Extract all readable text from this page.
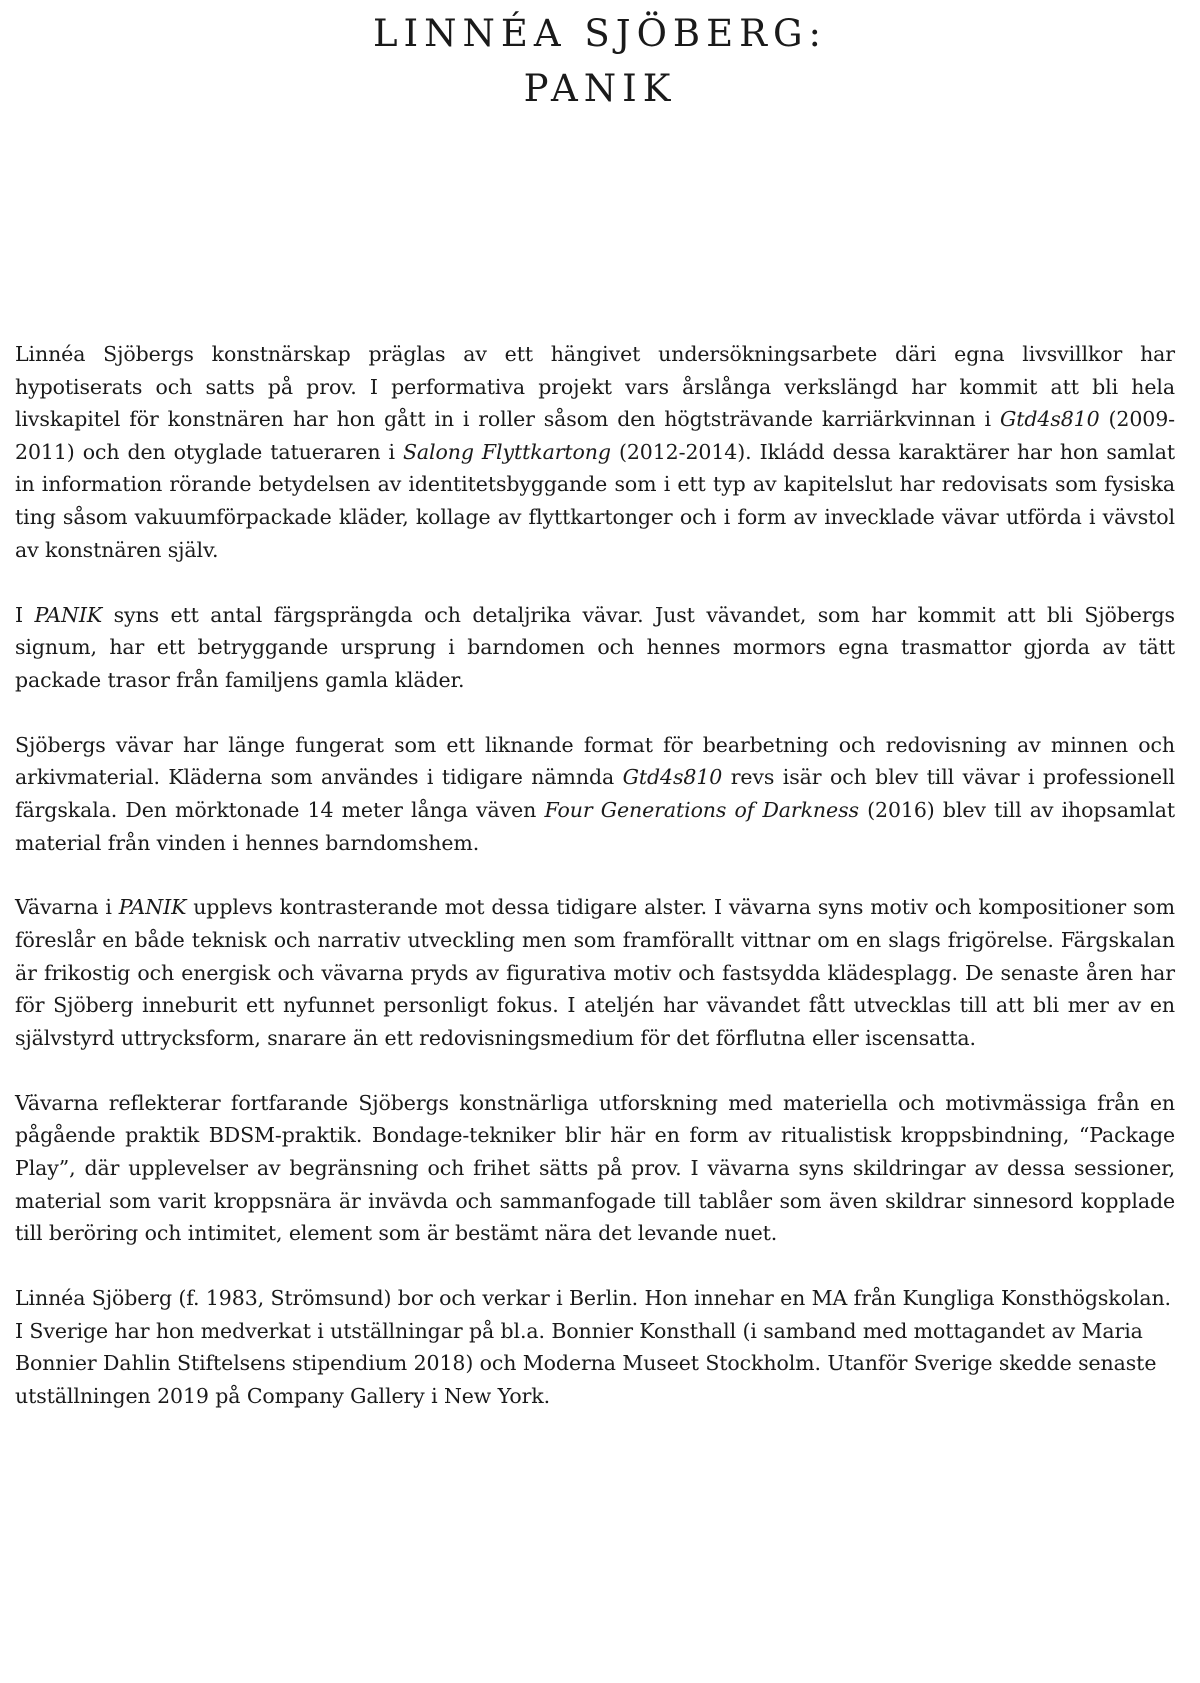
LINNÉA SJÖBERG:
PANIK

Linnéa Sjöbergs konstnärskap präglas av ett hängivet undersökningsarbete däri egna livsvillkor har hypotiserats och satts på prov. I performativa projekt vars årslånga verkslängd har kommit att bli hela livskapitel för konstnären har hon gått in i roller såsom den högtsträvande karriärkvinnan i Gtd4s810 (2009-2011) och den otyglade tatueraren i Salong Flyttkartong (2012-2014). Ikládd dessa karaktärer har hon samlat in information rörande betydelsen av identitetsbyggande som i ett typ av kapitelslut har redovisats som fysiska ting såsom vakuumförpackade kläder, kollage av flyttkartonger och i form av invecklade vävar utförda i vävstol av konstnären själv.

I PANIK syns ett antal färgsprängda och detaljrika vävar. Just vävandet, som har kommit att bli Sjöbergs signum, har ett betryggande ursprung i barndomen och hennes mormors egna trasmattor gjorda av tätt packade trasor från familjens gamla kläder.

Sjöbergs vävar har länge fungerat som ett liknande format för bearbetning och redovisning av minnen och arkivmaterial. Kläderna som användes i tidigare nämnda Gtd4s810 revs isär och blev till vävar i professionell färgskala. Den mörktonade 14 meter långa väven Four Generations of Darkness (2016) blev till av ihopsamlat material från vinden i hennes barndomshem.

Vävarna i PANIK upplevs kontrasterande mot dessa tidigare alster. I vävarna syns motiv och kompositioner som föreslår en både teknisk och narrativ utveckling men som framförallt vittnar om en slags frigörelse. Färgskalan är frikostig och energisk och vävarna pryds av figurativa motiv och fastsydda klädesplagg. De senaste åren har för Sjöberg inneburit ett nyfunnet personligt fokus. I ateljén har vävandet fått utvecklas till att bli mer av en självstyrd uttrycksform, snarare än ett redovisningsmedium för det förflutna eller iscensatta.

Vävarna reflekterar fortfarande Sjöbergs konstnärliga utforskning med materiella och motivmässiga från en pågående praktik BDSM-praktik. Bondage-tekniker blir här en form av ritualistisk kroppsbindning, “Package Play”, där upplevelser av begränsning och frihet sätts på prov. I vävarna syns skildringar av dessa sessioner, material som varit kroppsnära är invävda och sammanfogade till tablåer som även skildrar sinnesord kopplade till beröring och intimitet, element som är bestämt nära det levande nuet.

Linnéa Sjöberg (f. 1983, Strömsund) bor och verkar i Berlin. Hon innehar en MA från Kungliga Konsthögskolan. I Sverige har hon medverkat i utställningar på bl.a. Bonnier Konsthall (i samband med mottagandet av Maria Bonnier Dahlin Stiftelsens stipendium 2018) och Moderna Museet Stockholm. Utanför Sverige skedde senaste utställningen 2019 på Company Gallery i New York.
